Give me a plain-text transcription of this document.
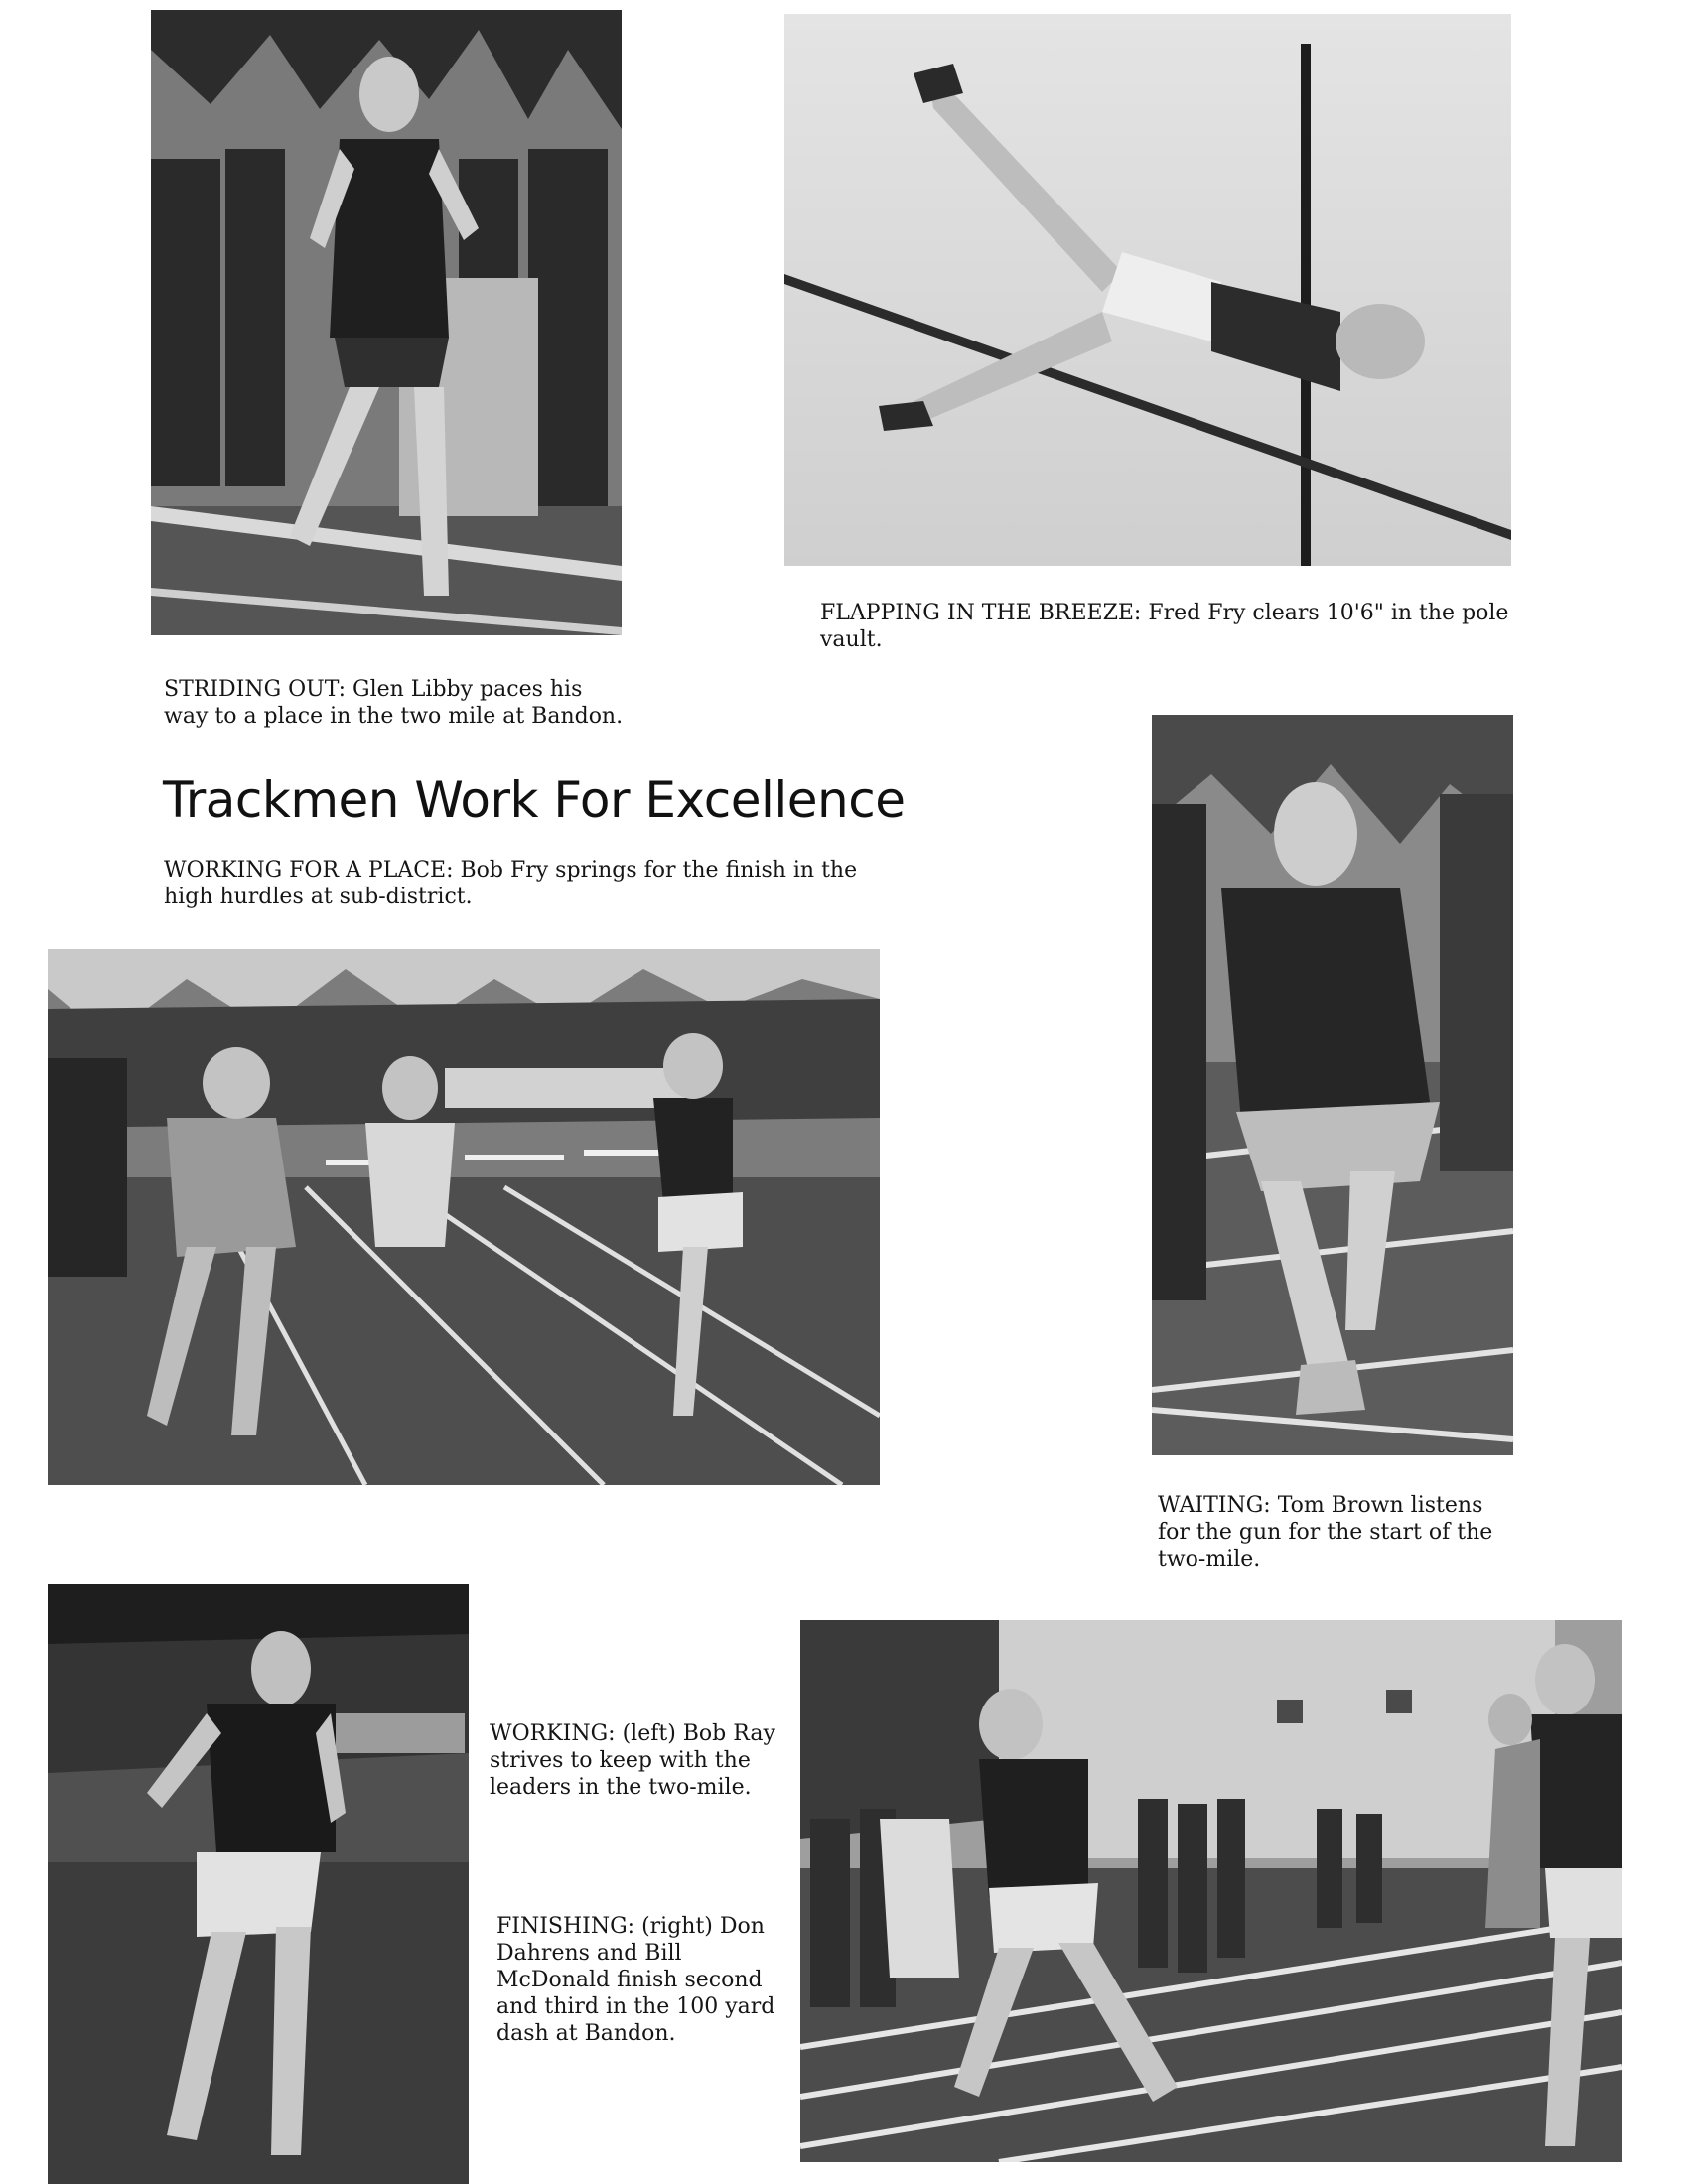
FLAPPING IN THE BREEZE: Fred Fry clears 10'6" in the pole vault.

STRIDING OUT: Glen Libby paces his way to a place in the two mile at Bandon.

Trackmen Work For Excellence

WORKING FOR A PLACE: Bob Fry springs for the finish in the high hurdles at sub-district.

WAITING: Tom Brown listens for the gun for the start of the two-mile.

WORKING: (left) Bob Ray strives to keep with the leaders in the two-mile.

FINISHING: (right) Don Dahrens and Bill McDonald finish second and third in the 100 yard dash at Bandon.
